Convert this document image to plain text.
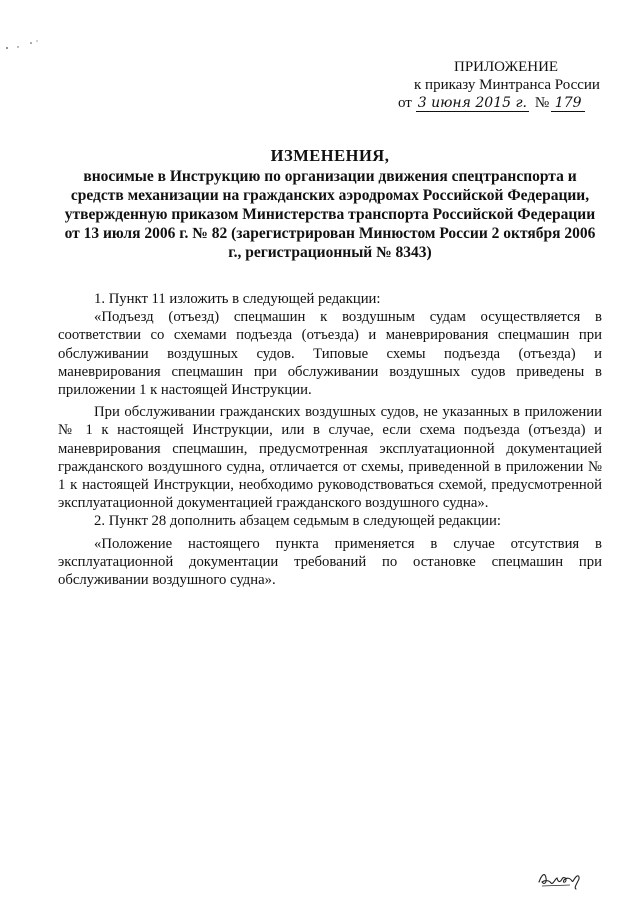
ПРИЛОЖЕНИЕ
к приказу Минтранса России
от 3 июня 2015 г. № 179
ИЗМЕНЕНИЯ,
вносимые в Инструкцию по организации движения спецтранспорта и средств механизации на гражданских аэродромах Российской Федерации, утвержденную приказом Министерства транспорта Российской Федерации от 13 июля 2006 г. № 82 (зарегистрирован Минюстом России 2 октября 2006 г., регистрационный № 8343)

1. Пункт 11 изложить в следующей редакции:

«Подъезд (отъезд) спецмашин к воздушным судам осуществляется в соответствии со схемами подъезда (отъезда) и маневрирования спецмашин при обслуживании воздушных судов. Типовые схемы подъезда (отъезда) и маневрирования спецмашин при обслуживании воздушных судов приведены в приложении 1 к настоящей Инструкции.

При обслуживании гражданских воздушных судов, не указанных в приложении № 1 к настоящей Инструкции, или в случае, если схема подъезда (отъезда) и маневрирования спецмашин, предусмотренная эксплуатационной документацией гражданского воздушного судна, отличается от схемы, приведенной в приложении № 1 к настоящей Инструкции, необходимо руководствоваться схемой, предусмотренной эксплуатационной документацией гражданского воздушного судна».

2. Пункт 28 дополнить абзацем седьмым в следующей редакции:

«Положение настоящего пункта применяется в случае отсутствия в эксплуатационной документации требований по остановке спецмашин при обслуживании воздушного судна».
